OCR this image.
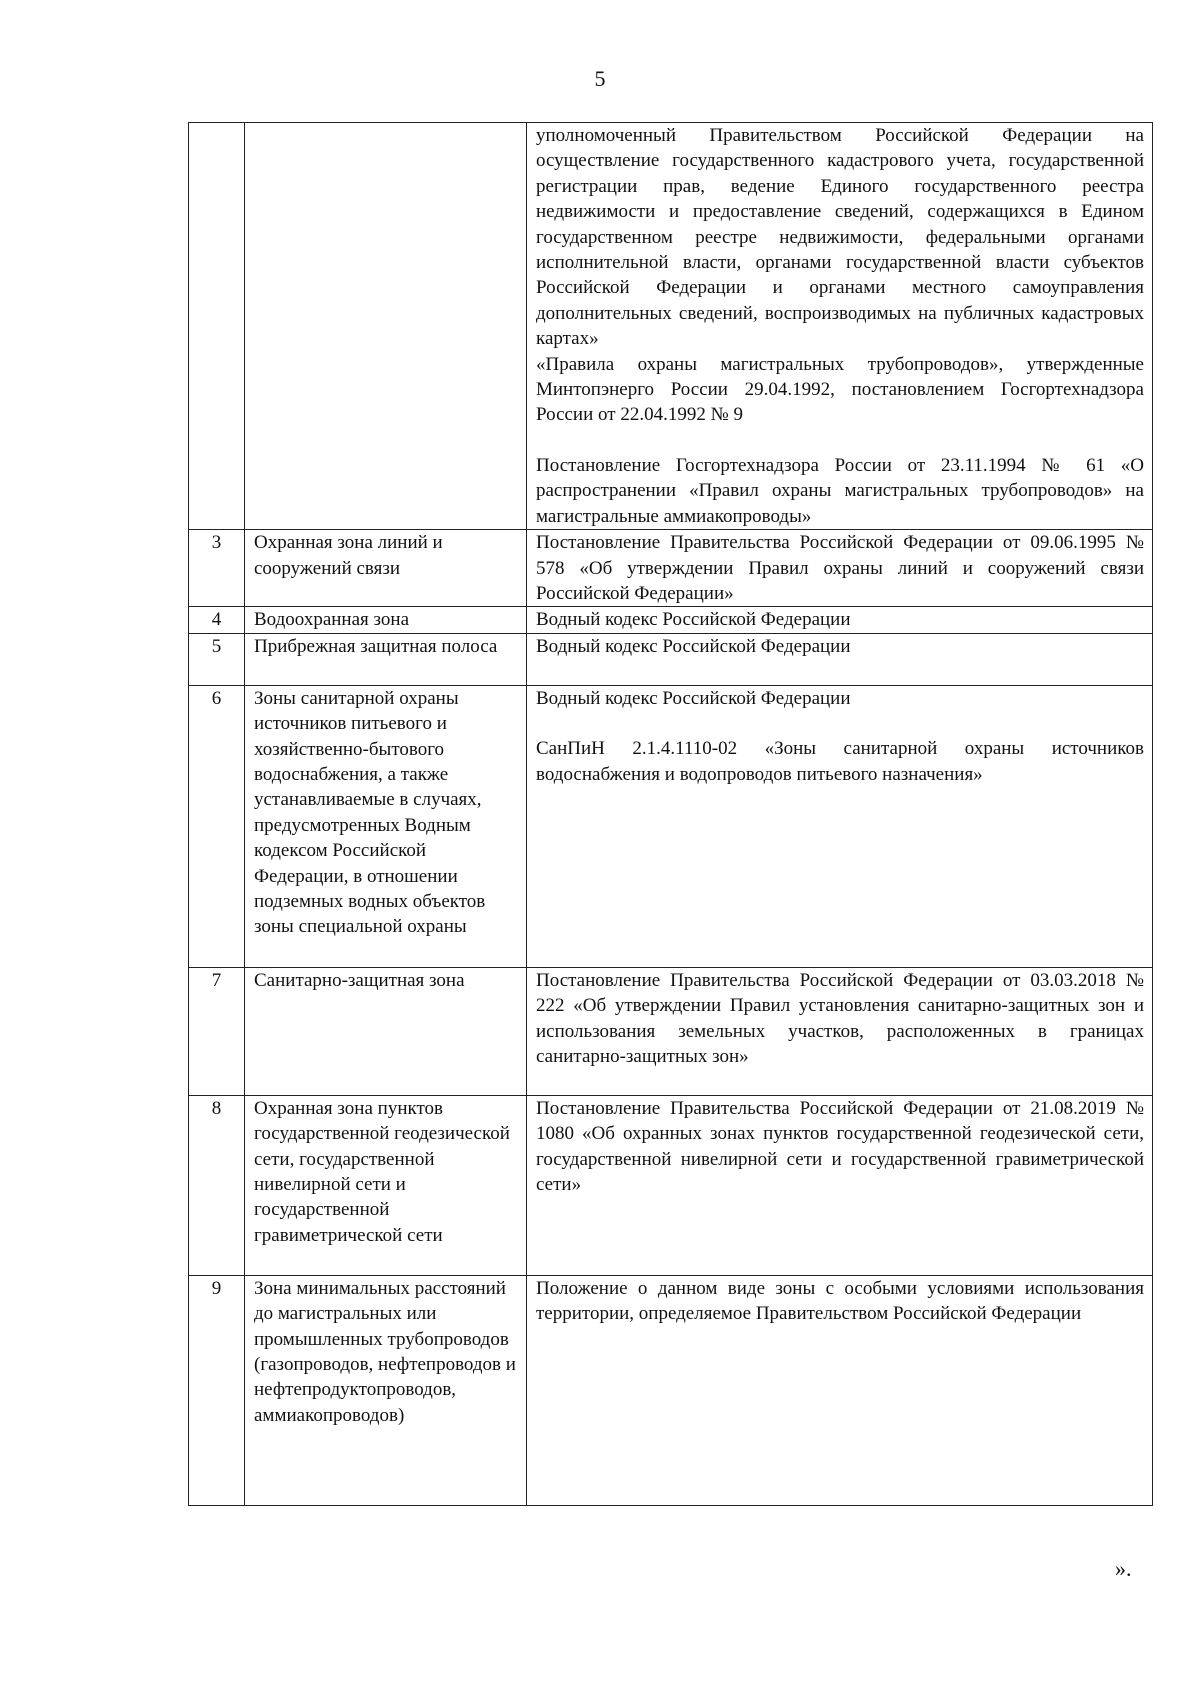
5

		уполномоченный Правительством Российской Федерации на осуществление государственного кадастрового учета, государственной регистрации прав, ведение Единого государственного реестра недвижимости и предоставление сведений, содержащихся в Едином государственном реестре недвижимости, федеральными органами исполнительной власти, органами государственной власти субъектов Российской Федерации и органами местного самоуправления дополнительных сведений, воспроизводимых на публичных кадастровых картах»

«Правила охраны магистральных трубопроводов», утвержденные Минтопэнерго России 29.04.1992, постановлением Госгортехнадзора России от 22.04.1992 № 9

Постановление Госгортехнадзора России от 23.11.1994 № 61 «О распространении «Правил охраны магистральных трубопроводов» на магистральные аммиакопроводы»

3	Охранная зона линий и сооружений связи	Постановление Правительства Российской Федерации от 09.06.1995 № 578 «Об утверждении Правил охраны линий и сооружений связи Российской Федерации»

4	Водоохранная зона	Водный кодекс Российской Федерации

5	Прибрежная защитная полоса	Водный кодекс Российской Федерации

6	Зоны санитарной охраны источников питьевого и хозяйственно-бытового водоснабжения, а также устанавливаемые в случаях, предусмотренных Водным кодексом Российской Федерации, в отношении подземных водных объектов зоны специальной охраны	Водный кодекс Российской Федерации

СанПиН 2.1.4.1110-02 «Зоны санитарной охраны источников водоснабжения и водопроводов питьевого назначения»

7	Санитарно-защитная зона	Постановление Правительства Российской Федерации от 03.03.2018 № 222 «Об утверждении Правил установления санитарно-защитных зон и использования земельных участков, расположенных в границах санитарно-защитных зон»

8	Охранная зона пунктов государственной геодезической сети, государственной нивелирной сети и государственной гравиметрической сети	Постановление Правительства Российской Федерации от 21.08.2019 № 1080 «Об охранных зонах пунктов государственной геодезической сети, государственной нивелирной сети и государственной гравиметрической сети»

9	Зона минимальных расстояний до магистральных или промышленных трубопроводов (газопроводов, нефтепроводов и нефтепродуктопроводов, аммиакопроводов)	Положение о данном виде зоны с особыми условиями использования территории, определяемое Правительством Российской Федерации

».
